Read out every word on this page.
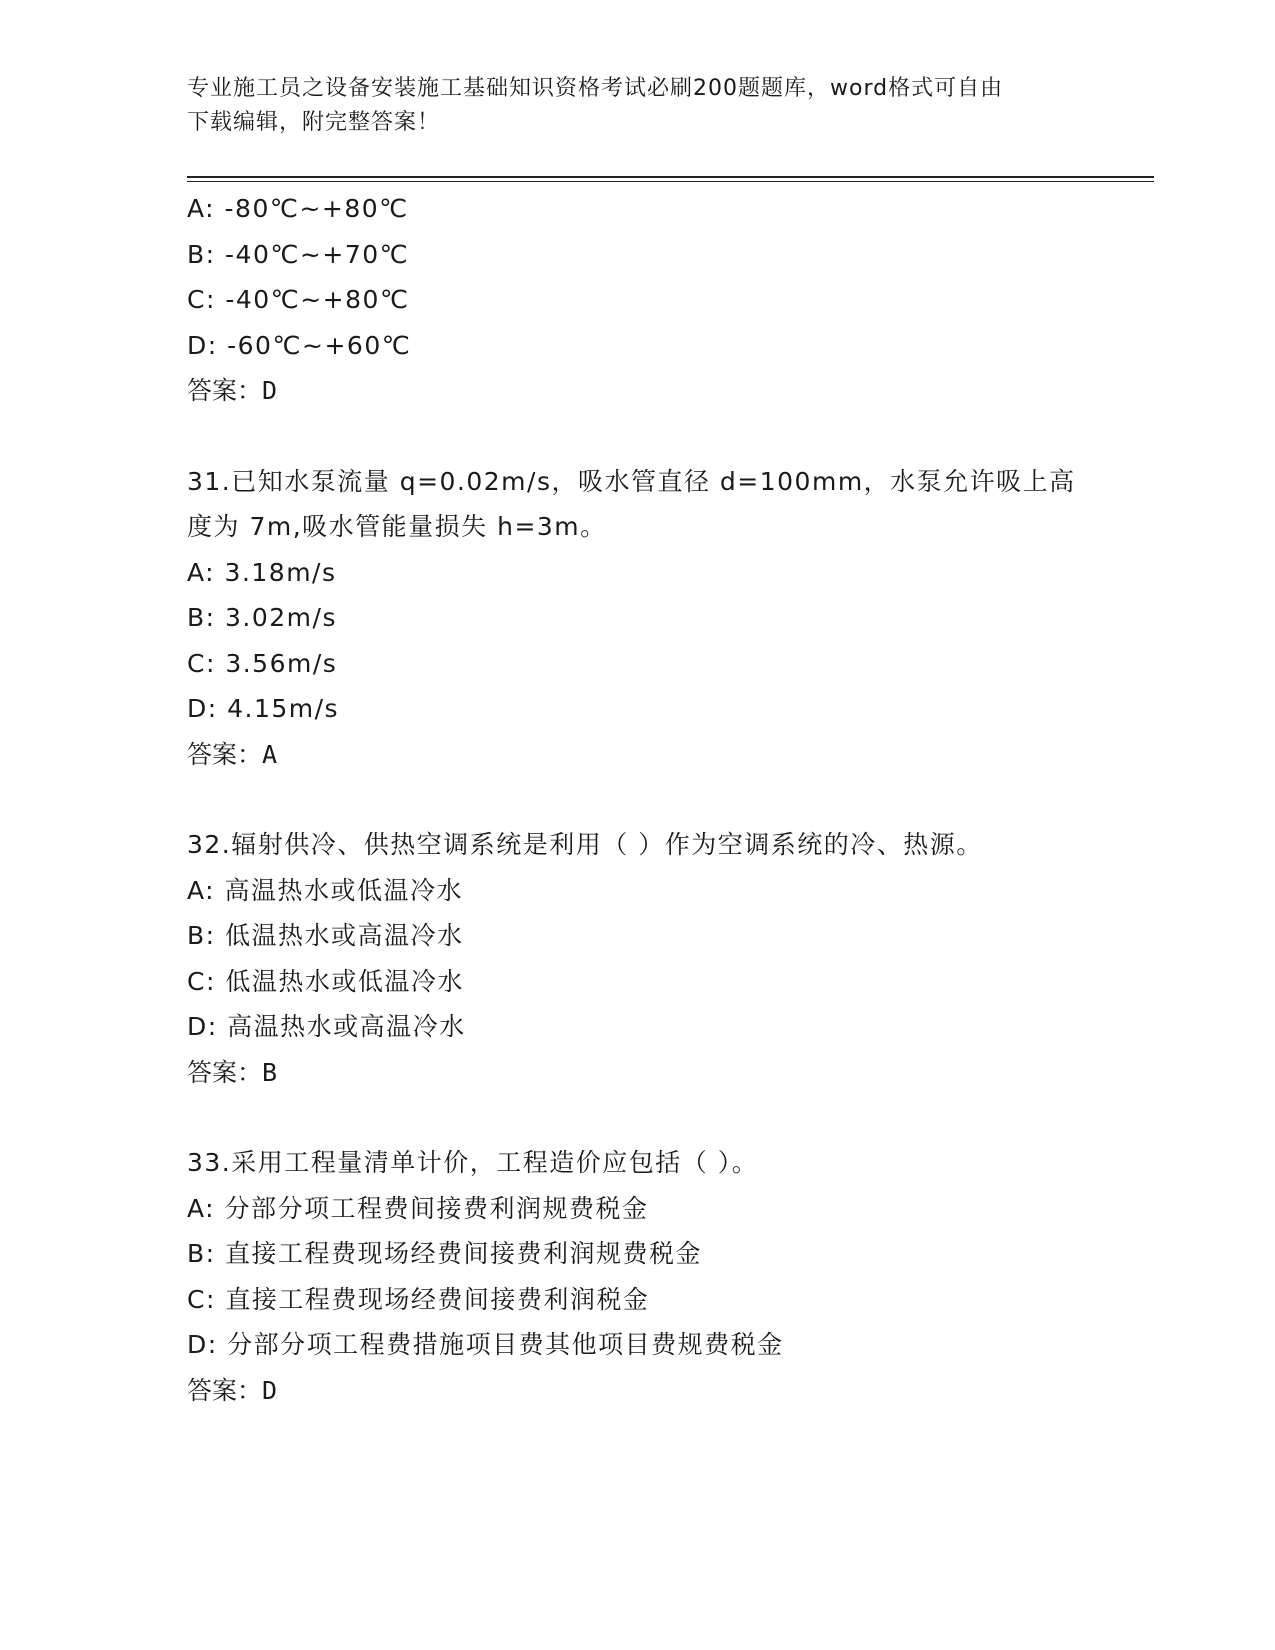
专业施工员之设备安装施工基础知识资格考试必刷200题题库，word格式可自由
下载编辑，附完整答案！
A: -80℃~+80℃
B: -40℃~+70℃
C: -40℃~+80℃
D: -60℃~+60℃
答案：D
31.已知水泵流量 q=0.02m/s，吸水管直径 d=100mm，水泵允许吸上高
度为 7m,吸水管能量损失 h=3m。
A: 3.18m/s
B: 3.02m/s
C: 3.56m/s
D: 4.15m/s
答案：A
32.辐射供冷、供热空调系统是利用（ ）作为空调系统的冷、热源。
A: 高温热水或低温冷水
B: 低温热水或高温冷水
C: 低温热水或低温冷水
D: 高温热水或高温冷水
答案：B
33.采用工程量清单计价，工程造价应包括（ ）。
A: 分部分项工程费间接费利润规费税金
B: 直接工程费现场经费间接费利润规费税金
C: 直接工程费现场经费间接费利润税金
D: 分部分项工程费措施项目费其他项目费规费税金
答案：D
